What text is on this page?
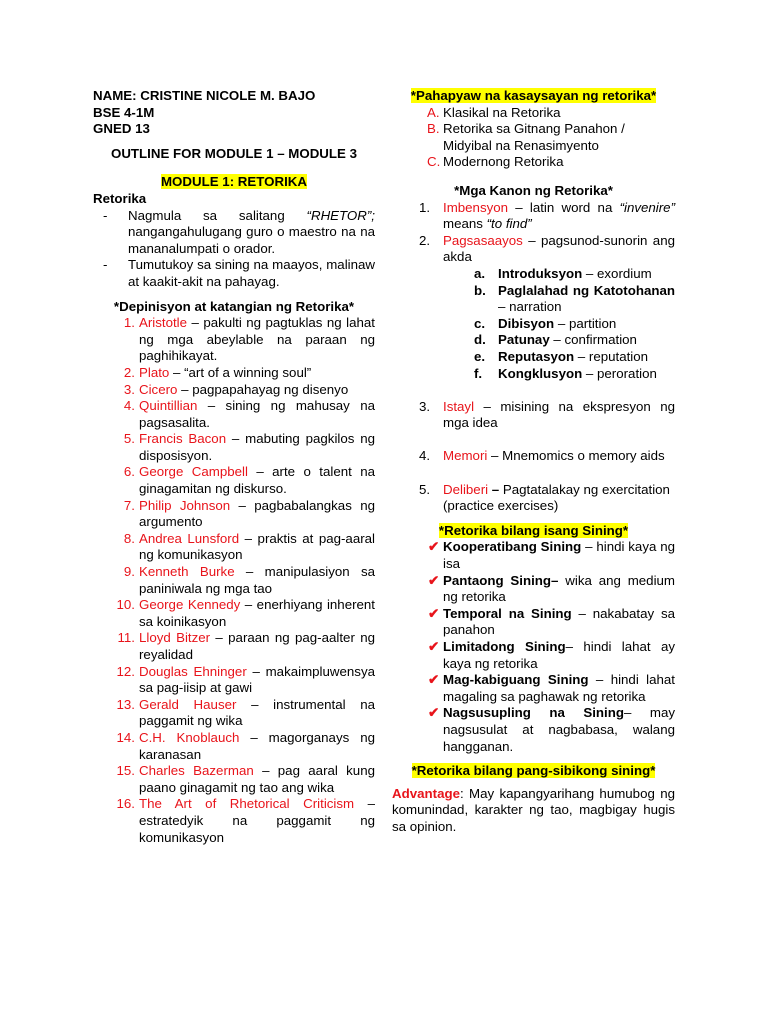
NAME: CRISTINE NICOLE M. BAJO

BSE 4-1M

GNED 13

OUTLINE FOR MODULE 1 – MODULE 3

MODULE 1: RETORIKA

Retorika

-	Nagmula sa salitang “RHETOR”; nangangahulugang guro o maestro na na mananalumpati o orador.
-	Tumutukoy sa sining na maayos, malinaw at kaakit-akit na pahayag.

*Depinisyon at katangian ng Retorika*

1. Aristotle – pakulti ng pagtuklas ng lahat ng mga abeylable na paraan ng paghihikayat.
2. Plato – “art of a winning soul”
3. Cicero – pagpapahayag ng disenyo
4. Quintillian – sining ng mahusay na pagsasalita.
5. Francis Bacon – mabuting pagkilos ng disposisyon.
6. George Campbell – arte o talent na ginagamitan ng diskurso.
7. Philip Johnson – pagbabalangkas ng argumento
8. Andrea Lunsford – praktis at pag-aaral ng komunikasyon
9. Kenneth Burke – manipulasiyon sa paniniwala ng mga tao
10. George Kennedy – enerhiyang inherent sa koinikasyon
11. Lloyd Bitzer – paraan ng pag-aalter ng reyalidad
12. Douglas Ehninger – makaimpluwensya sa pag-iisip at gawi
13. Gerald Hauser – instrumental na paggamit ng wika
14. C.H. Knoblauch – magorganays ng karanasan
15. Charles Bazerman – pag aaral kung paano ginagamit ng tao ang wika
16. The Art of Rhetorical Criticism – estratedyik na paggamit ng komunikasyon

*Pahapyaw na kasaysayan ng retorika*

A. Klasikal na Retorika
B. Retorika sa Gitnang Panahon / Midyibal na Renasimyento
C. Modernong Retorika

*Mga Kanon ng Retorika*

1. Imbensyon – latin word na “invenire” means “to find”
2. Pagsasaayos – pagsunod-sunorin ang akda
a. Introduksyon – exordium
b. Paglalahad ng Katotohanan – narration
c. Dibisyon – partition
d. Patunay – confirmation
e. Reputasyon – reputation
f.	Kongklusyon – peroration
3. Istayl – misining na ekspresyon ng mga idea
4. Memori – Mnemomics o memory aids
5. Deliberi – Pagtatalakay ng exercitation (practice exercises)

*Retorika bilang isang Sining*

✔ Kooperatibang Sining – hindi kaya ng isa
✔ Pantaong Sining– wika ang medium ng retorika
✔ Temporal na Sining – nakabatay sa panahon
✔ Limitadong Sining– hindi lahat ay kaya ng retorika
✔ Mag-kabiguang Sining – hindi lahat magaling sa paghawak ng retorika
✔ Nagsusupling na Sining– may nagsusulat at nagbabasa, walang hangganan.

*Retorika bilang pang-sibikong sining*

Advantage: May kapangyarihang humubog ng komunindad, karakter ng tao, magbigay hugis sa opinion.
